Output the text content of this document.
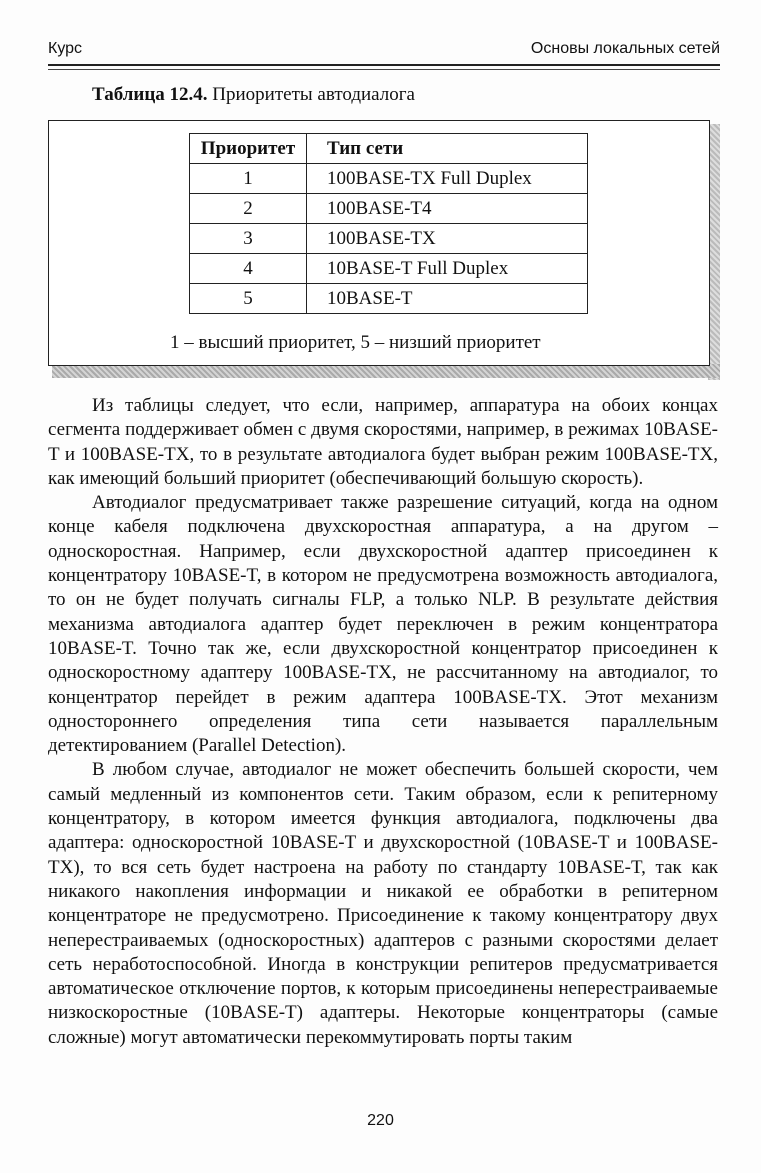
Курс	Основы локальных сетей
Таблица 12.4. Приоритеты автодиалога
Приоритет	Тип сети
1	100BASE-TX Full Duplex
2	100BASE-T4
3	100BASE-TX
4	10BASE-T Full Duplex
5	10BASE-T
1 – высший приоритет, 5 – низший приоритет

Из таблицы следует, что если, например, аппаратура на обоих концах сегмента поддерживает обмен с двумя скоростями, например, в режимах 10BASE-T и 100BASE-TX, то в результате автодиалога будет выбран режим 100BASE-TX, как имеющий больший приоритет (обеспечивающий большую скорость).

Автодиалог предусматривает также разрешение ситуаций, когда на одном конце кабеля подключена двухскоростная аппаратура, а на другом – односкоростная. Например, если двухскоростной адаптер присоединен к концентратору 10BASE-T, в котором не предусмотрена возможность автодиалога, то он не будет получать сигналы FLP, а только NLP. В результате действия механизма автодиалога адаптер будет переключен в режим концентратора 10BASE-T. Точно так же, если двухскоростной концентратор присоединен к односкоростному адаптеру 100BASE-TX, не рассчитанному на автодиалог, то концентратор перейдет в режим адаптера 100BASE-TX. Этот механизм одностороннего определения типа сети называется параллельным детектированием (Parallel Detection).

В любом случае, автодиалог не может обеспечить большей скорости, чем самый медленный из компонентов сети. Таким образом, если к репитерному концентратору, в котором имеется функция автодиалога, подключены два адаптера: односкоростной 10BASE-T и двухскоростной (10BASE-T и 100BASE-TX), то вся сеть будет настроена на работу по стандарту 10BASE-T, так как никакого накопления информации и никакой ее обработки в репитерном концентраторе не предусмотрено. Присоединение к такому концентратору двух неперестраиваемых (односкоростных) адаптеров с разными скоростями делает сеть неработоспособной. Иногда в конструкции репитеров предусматривается автоматическое отключение портов, к которым присоединены неперестраиваемые низкоскоростные (10BASE-T) адаптеры. Некоторые концентраторы (самые сложные) могут автоматически перекоммутировать порты таким

220
